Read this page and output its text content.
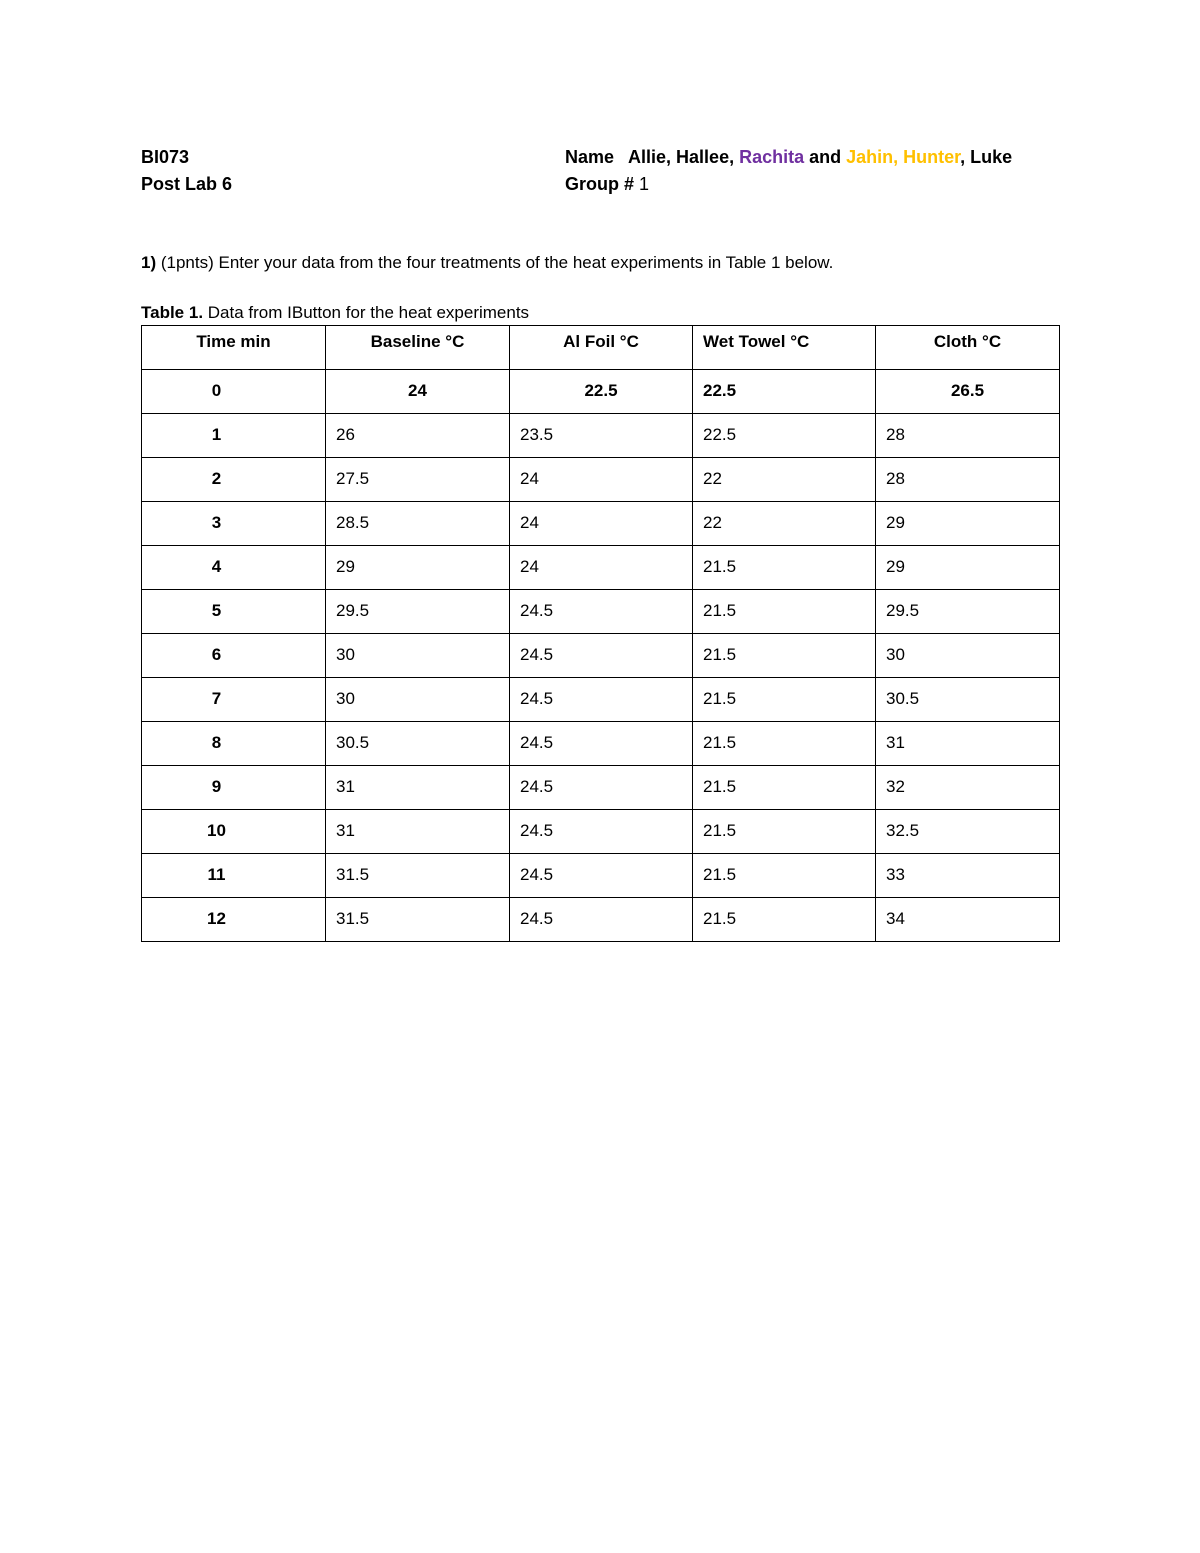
BI073
Post Lab 6
Name Allie, Hallee, Rachita and Jahin, Hunter, Luke
Group # 1
1) (1pnts) Enter your data from the four treatments of the heat experiments in Table 1 below.
Table 1. Data from IButton for the heat experiments
Time min	Baseline °C	Al Foil °C	Wet Towel °C	Cloth °C
0	24	22.5	22.5	26.5
1	26	23.5	22.5	28
2	27.5	24	22	28
3	28.5	24	22	29
4	29	24	21.5	29
5	29.5	24.5	21.5	29.5
6	30	24.5	21.5	30
7	30	24.5	21.5	30.5
8	30.5	24.5	21.5	31
9	31	24.5	21.5	32
10	31	24.5	21.5	32.5
11	31.5	24.5	21.5	33
12	31.5	24.5	21.5	34
